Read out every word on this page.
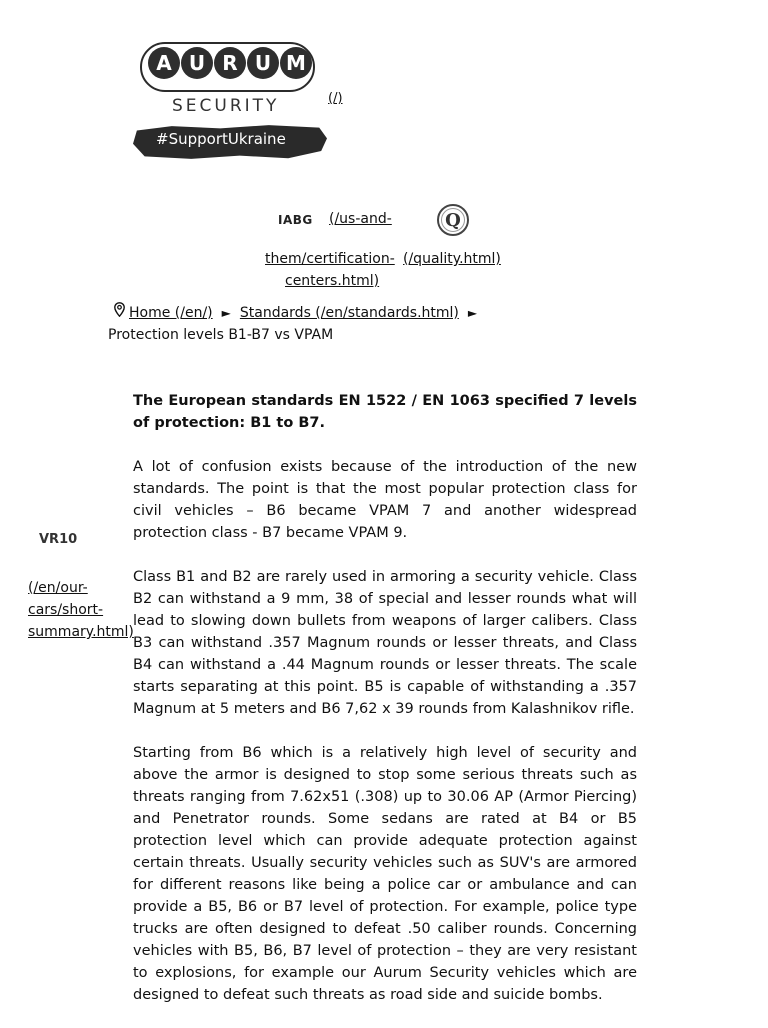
A U R U M
SECURITY
#SupportUkraine
(/)
IABG (/us-and-
them/certification-
centers.html)
Q
(/quality.html)
Home (/en/) ► Standards (/en/standards.html) ►
Protection levels B1-B7 vs VPAM
VR10
(/en/our-cars/short-summary.html)

The European standards EN 1522 / EN 1063 specified 7 levels of protection: B1 to B7.

A lot of confusion exists because of the introduction of the new standards. The point is that the most popular protection class for civil vehicles – B6 became VPAM 7 and another widespread protection class - B7 became VPAM 9.

Class B1 and B2 are rarely used in armoring a security vehicle. Class B2 can withstand a 9 mm, 38 of special and lesser rounds what will lead to slowing down bullets from weapons of larger calibers. Class B3 can withstand .357 Magnum rounds or lesser threats, and Class B4 can withstand a .44 Magnum rounds or lesser threats. The scale starts separating at this point. B5 is capable of withstanding a .357 Magnum at 5 meters and B6 7,62 x 39 rounds from Kalashnikov rifle.

Starting from B6 which is a relatively high level of security and above the armor is designed to stop some serious threats such as threats ranging from 7.62x51 (.308) up to 30.06 AP (Armor Piercing) and Penetrator rounds. Some sedans are rated at B4 or B5 protection level which can provide adequate protection against certain threats. Usually security vehicles such as SUV's are armored for different reasons like being a police car or ambulance and can provide a B5, B6 or B7 level of protection. For example, police type trucks are often designed to defeat .50 caliber rounds. Concerning vehicles with B5, B6, B7 level of protection – they are very resistant to explosions, for example our Aurum Security vehicles which are designed to defeat such threats as road side and suicide bombs.
